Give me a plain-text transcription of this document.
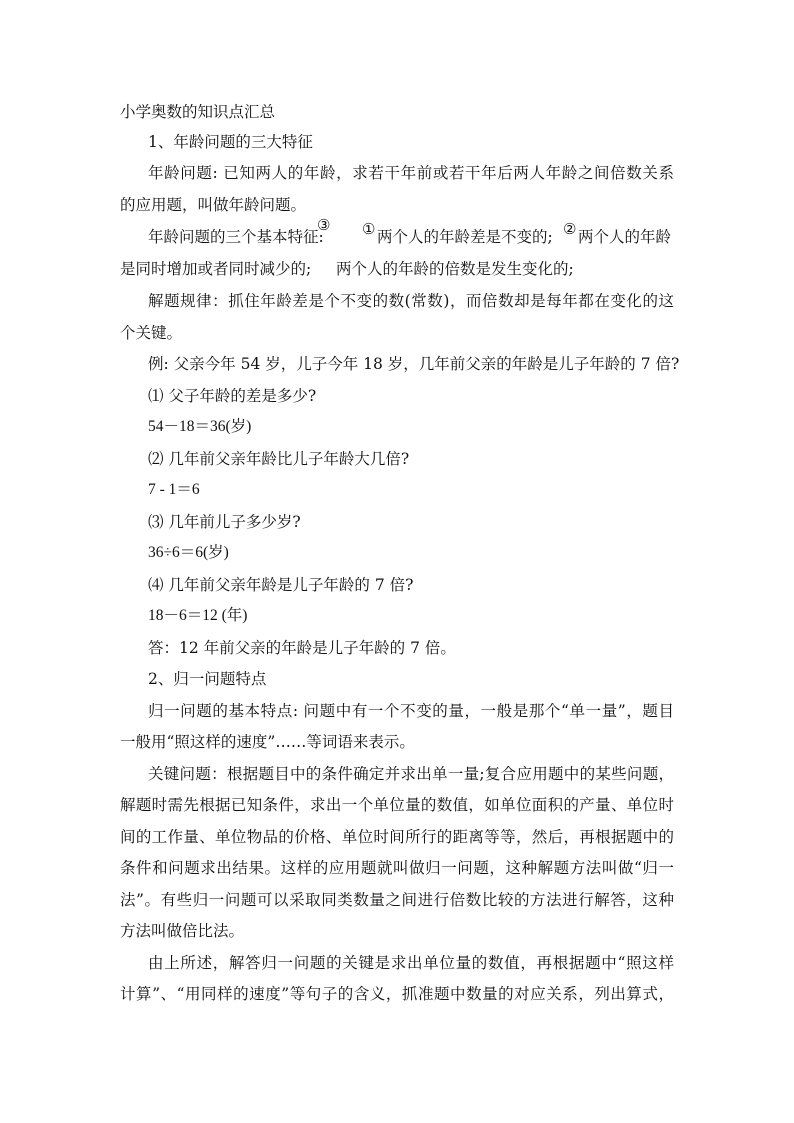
小学奥数的知识点汇总
1、年龄问题的三大特征
年龄问题: 已知两人的年龄，求若干年前或若干年后两人年龄之间倍数关系
的应用题，叫做年龄问题。
年龄问题的三个基本特征:
③ ① 两个人的年龄差是不变的; ② 两个人的年龄
是同时增加或者同时减少的; 两个人的年龄的倍数是发生变化的;
解题规律：抓住年龄差是个不变的数(常数)，而倍数却是每年都在变化的这
个关键。
例: 父亲今年 54 岁，儿子今年 18 岁，几年前父亲的年龄是儿子年龄的 7 倍?
⑴ 父子年龄的差是多少?
54－18＝36(岁)
⑵ 几年前父亲年龄比儿子年龄大几倍?
7 - 1＝6
⑶ 几年前儿子多少岁?
36÷6＝6(岁)
⑷ 几年前父亲年龄是儿子年龄的 7 倍?
18－6＝12 (年)
答：12 年前父亲的年龄是儿子年龄的 7 倍。
2、归一问题特点
归一问题的基本特点: 问题中有一个不变的量，一般是那个“单一量”，题目
一般用“照这样的速度”……等词语来表示。
关键问题：根据题目中的条件确定并求出单一量;复合应用题中的某些问题，
解题时需先根据已知条件，求出一个单位量的数值，如单位面积的产量、单位时
间的工作量、单位物品的价格、单位时间所行的距离等等，然后，再根据题中的
条件和问题求出结果。这样的应用题就叫做归一问题，这种解题方法叫做“归一
法”。有些归一问题可以采取同类数量之间进行倍数比较的方法进行解答，这种
方法叫做倍比法。
由上所述，解答归一问题的关键是求出单位量的数值，再根据题中“照这样
计算”、“用同样的速度”等句子的含义，抓准题中数量的对应关系，列出算式，
